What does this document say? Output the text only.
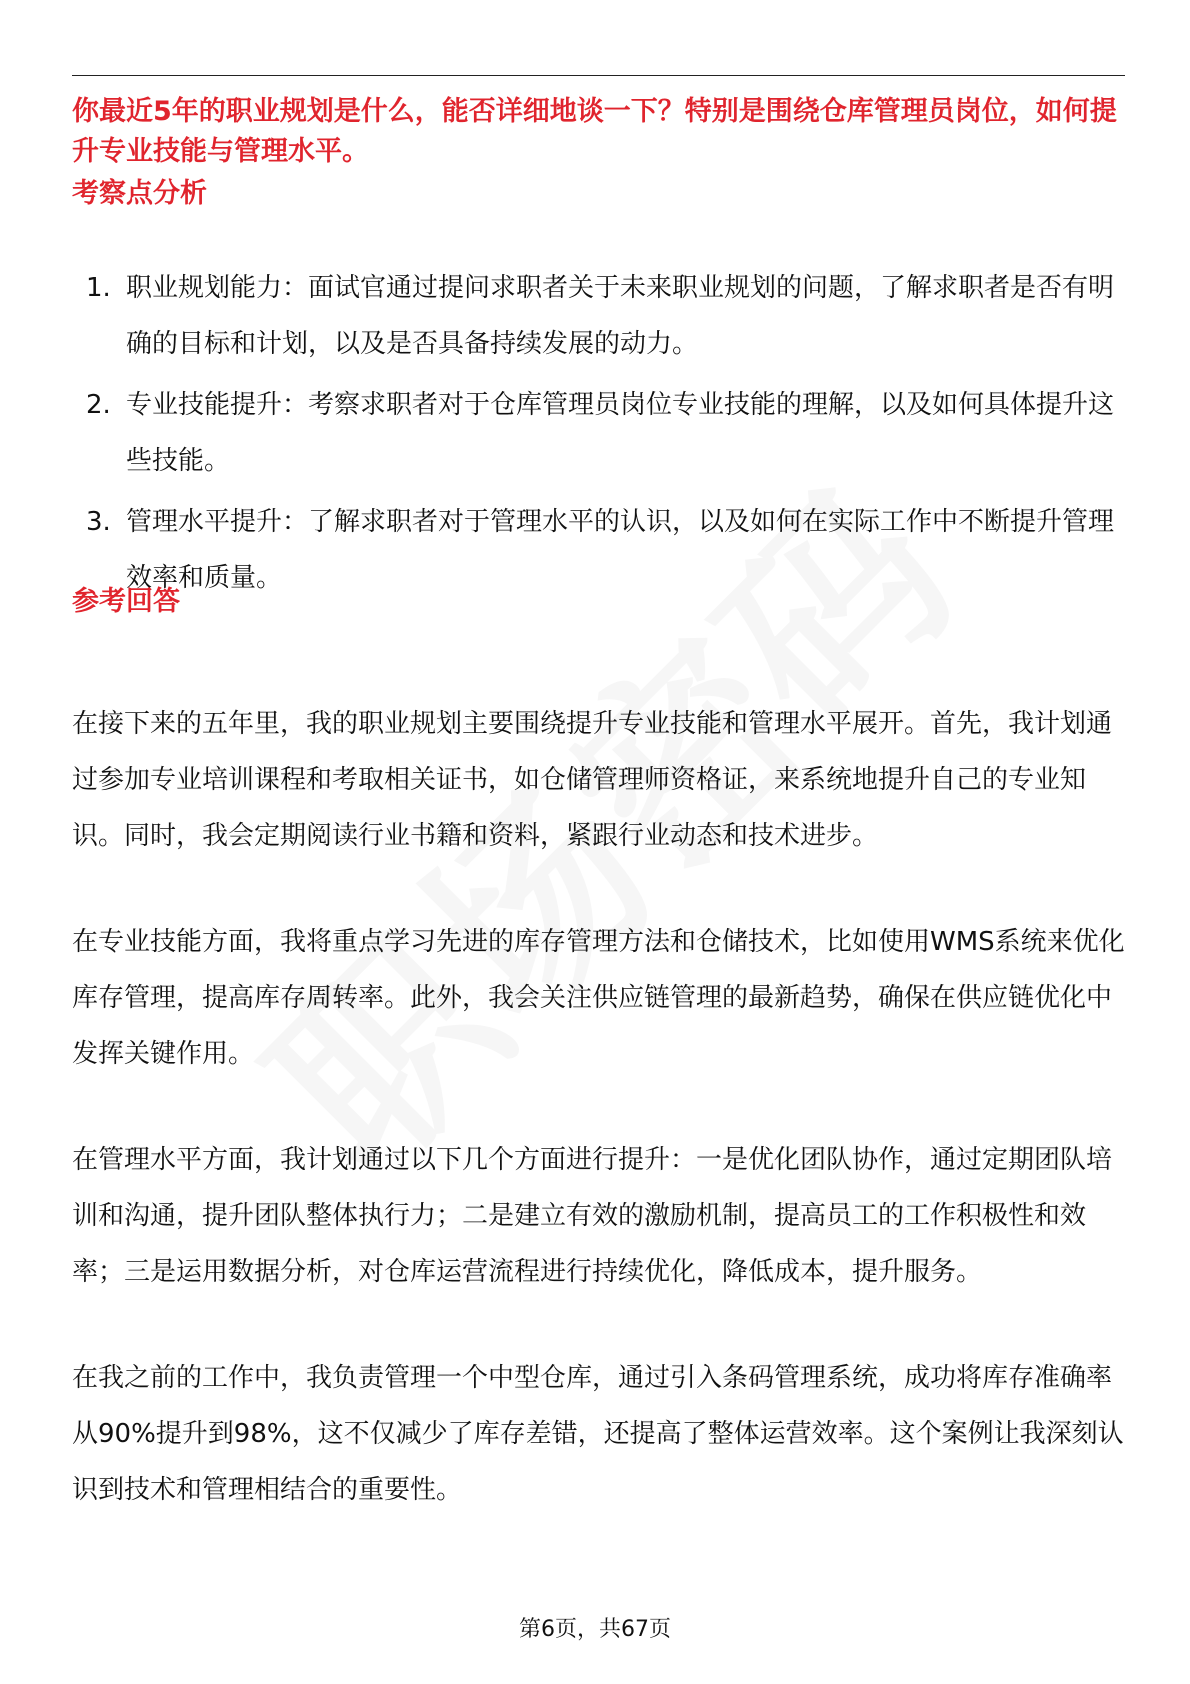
你最近5年的职业规划是什么，能否详细地谈一下？特别是围绕仓库管理员岗位，如何提升专业技能与管理水平。
考察点分析
1. 职业规划能力：面试官通过提问求职者关于未来职业规划的问题，了解求职者是否有明确的目标和计划，以及是否具备持续发展的动力。
2. 专业技能提升：考察求职者对于仓库管理员岗位专业技能的理解，以及如何具体提升这些技能。
3. 管理水平提升：了解求职者对于管理水平的认识，以及如何在实际工作中不断提升管理效率和质量。
参考回答

在接下来的五年里，我的职业规划主要围绕提升专业技能和管理水平展开。首先，我计划通过参加专业培训课程和考取相关证书，如仓储管理师资格证，来系统地提升自己的专业知识。同时，我会定期阅读行业书籍和资料，紧跟行业动态和技术进步。

在专业技能方面，我将重点学习先进的库存管理方法和仓储技术，比如使用WMS系统来优化库存管理，提高库存周转率。此外，我会关注供应链管理的最新趋势，确保在供应链优化中发挥关键作用。

在管理水平方面，我计划通过以下几个方面进行提升：一是优化团队协作，通过定期团队培训和沟通，提升团队整体执行力；二是建立有效的激励机制，提高员工的工作积极性和效率；三是运用数据分析，对仓库运营流程进行持续优化，降低成本，提升服务。

在我之前的工作中，我负责管理一个中型仓库，通过引入条码管理系统，成功将库存准确率从90%提升到98%，这不仅减少了库存差错，还提高了整体运营效率。这个案例让我深刻认识到技术和管理相结合的重要性。

第6页，共67页
